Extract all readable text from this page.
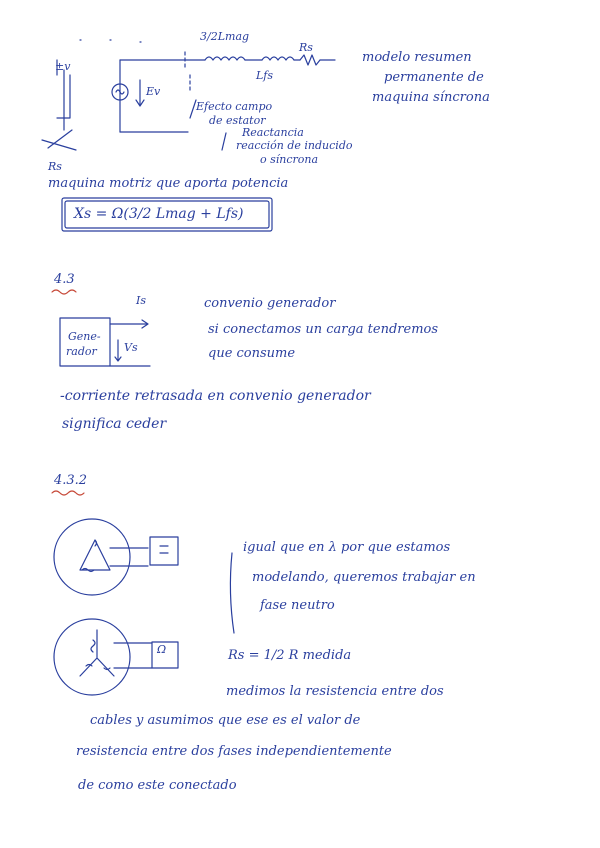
3/2Lmag
Rs
Lfs
Ev
±v
Efecto campo
de estator
Reactancia
reacción de inducido
o síncrona
modelo resumen
permanente de
maquina síncrona
Rs
maquina motriz que aporta potencia
Xs = Ω(3/2 Lmag + Lfs)
4.3
Gene-
rador
Is
Vs
convenio generador
si conectamos un carga tendremos
que consume
-corriente retrasada en convenio generador
significa ceder
4.3.2
igual que en λ por que estamos
modelando, queremos trabajar en
fase neutro
Ω	Rs = 1/2 R medida
medimos la resistencia entre dos
cables y asumimos que ese es el valor de
resistencia entre dos fases independientemente
de como este conectado
